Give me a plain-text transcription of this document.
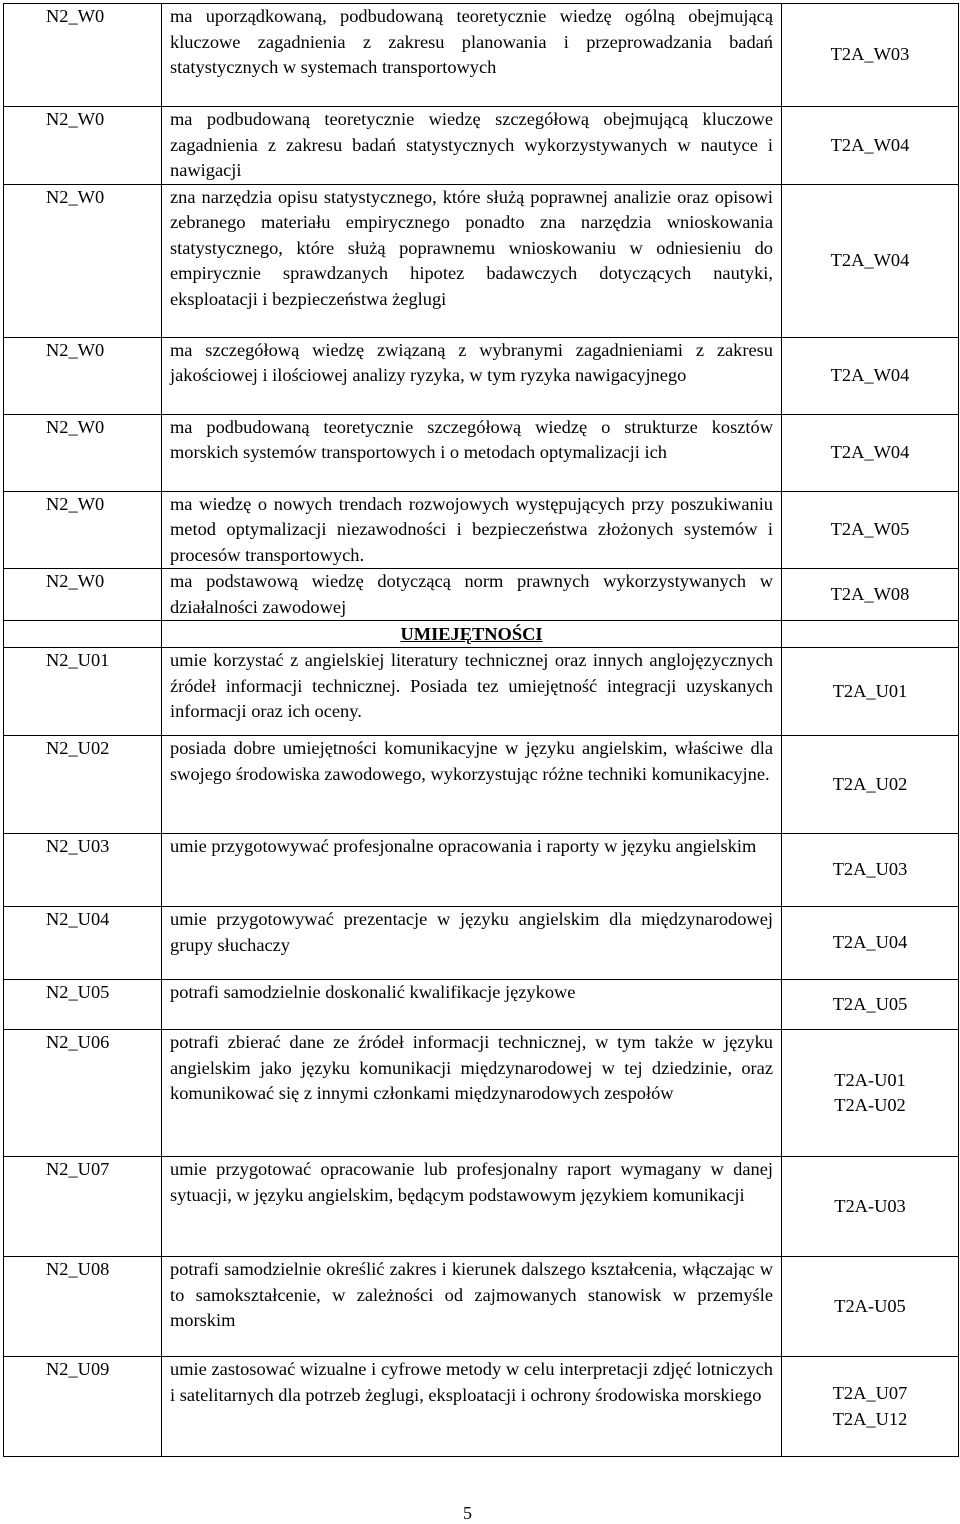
N2_W0	ma uporządkowaną, podbudowaną teoretycznie wiedzę ogólną obejmującą kluczowe zagadnienia z zakresu planowania i przeprowadzania badań statystycznych w systemach transportowych	T2A_W03

N2_W0	ma podbudowaną teoretycznie wiedzę szczegółową obejmującą kluczowe zagadnienia z zakresu badań statystycznych wykorzystywanych w nautyce i nawigacji	T2A_W04

N2_W0	zna narzędzia opisu statystycznego, które służą poprawnej analizie oraz opisowi zebranego materiału empirycznego ponadto zna narzędzia wnioskowania statystycznego, które służą poprawnemu wnioskowaniu w odniesieniu do empirycznie sprawdzanych hipotez badawczych dotyczących nautyki, eksploatacji i bezpieczeństwa żeglugi	T2A_W04

N2_W0	ma szczegółową wiedzę związaną z wybranymi zagadnieniami z zakresu jakościowej i ilościowej analizy ryzyka, w tym ryzyka nawigacyjnego	T2A_W04

N2_W0	ma podbudowaną teoretycznie szczegółową wiedzę o strukturze kosztów morskich systemów transportowych i o metodach optymalizacji ich	T2A_W04

N2_W0	ma wiedzę o nowych trendach rozwojowych występujących przy poszukiwaniu metod optymalizacji niezawodności i bezpieczeństwa złożonych systemów i procesów transportowych.	T2A_W05

N2_W0	ma podstawową wiedzę dotyczącą norm prawnych wykorzystywanych w działalności zawodowej	T2A_W08

	UMIEJĘTNOŚCI	
N2_U01	umie korzystać z angielskiej literatury technicznej oraz innych anglojęzycznych źródeł informacji technicznej. Posiada tez umiejętność integracji uzyskanych informacji oraz ich oceny.	T2A_U01

N2_U02	posiada dobre umiejętności komunikacyjne w języku angielskim, właściwe dla swojego środowiska zawodowego, wykorzystując różne techniki komunikacyjne.	T2A_U02

N2_U03	umie przygotowywać profesjonalne opracowania i raporty w języku angielskim	T2A_U03

N2_U04	umie przygotowywać prezentacje w języku angielskim dla międzynarodowej grupy słuchaczy	T2A_U04

N2_U05	potrafi samodzielnie doskonalić kwalifikacje językowe	T2A_U05

N2_U06	potrafi zbierać dane ze źródeł informacji technicznej, w tym także w języku angielskim jako języku komunikacji międzynarodowej w tej dziedzinie, oraz komunikować się z innymi członkami międzynarodowych zespołów	T2A-U01
T2A-U02

N2_U07	umie przygotować opracowanie lub profesjonalny raport wymagany w danej sytuacji, w języku angielskim, będącym podstawowym językiem komunikacji	T2A-U03

N2_U08	potrafi samodzielnie określić zakres i kierunek dalszego kształcenia, włączając w to samokształcenie, w zależności od zajmowanych stanowisk w przemyśle morskim	T2A-U05

N2_U09	umie zastosować wizualne i cyfrowe metody w celu interpretacji zdjęć lotniczych i satelitarnych dla potrzeb żeglugi, eksploatacji i ochrony środowiska morskiego	T2A_U07
T2A_U12
5
